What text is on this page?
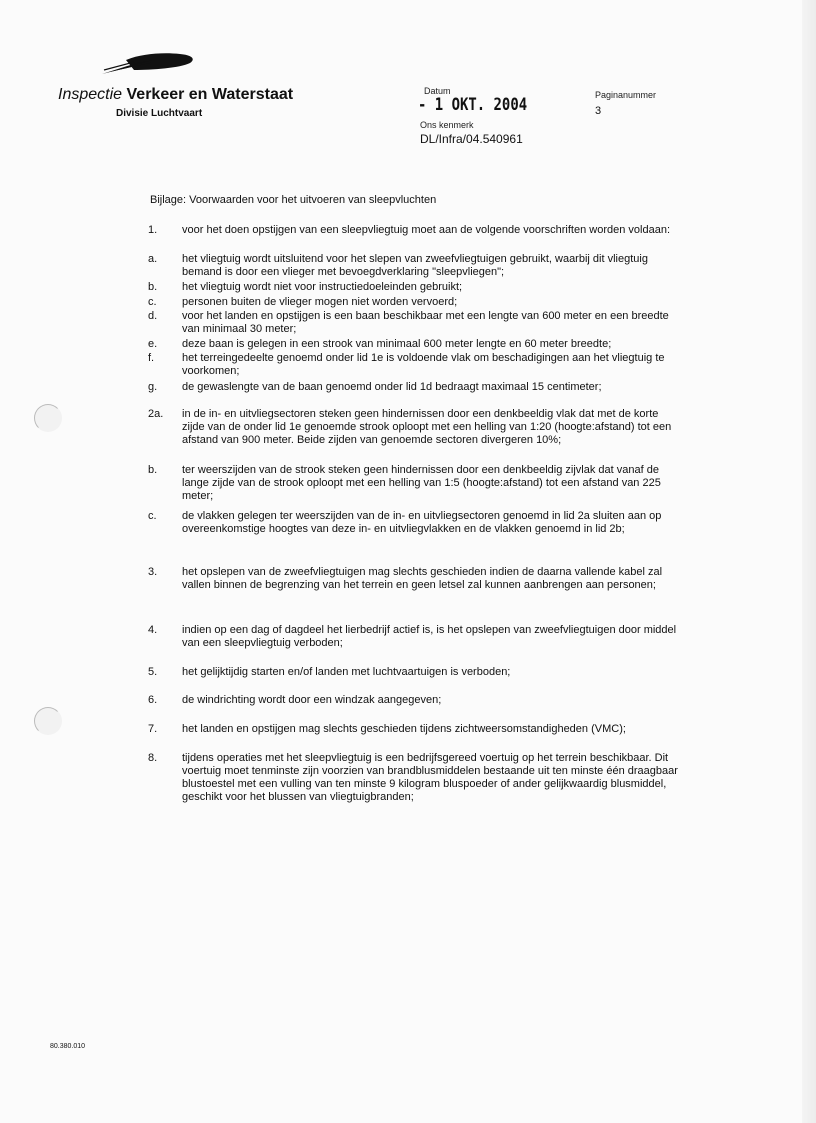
Inspectie Verkeer en Waterstaat
Divisie Luchtvaart
Datum
- 1 OKT. 2004
Ons kenmerk
DL/Infra/04.540961
Paginanummer
3
Bijlage: Voorwaarden voor het uitvoeren van sleepvluchten
1. voor het doen opstijgen van een sleepvliegtuig moet aan de volgende voorschriften worden voldaan:
a. het vliegtuig wordt uitsluitend voor het slepen van zweefvliegtuigen gebruikt, waarbij dit vliegtuig bemand is door een vlieger met bevoegdverklaring "sleepvliegen";
b. het vliegtuig wordt niet voor instructiedoeleinden gebruikt;
c. personen buiten de vlieger mogen niet worden vervoerd;
d. voor het landen en opstijgen is een baan beschikbaar met een lengte van 600 meter en een breedte van minimaal 30 meter;
e. deze baan is gelegen in een strook van minimaal 600 meter lengte en 60 meter breedte;
f.	het terreingedeelte genoemd onder lid 1e is voldoende vlak om beschadigingen aan het vliegtuig te voorkomen;
g. de gewaslengte van de baan genoemd onder lid 1d bedraagt maximaal 15 centimeter;
2a. in de in- en uitvliegsectoren steken geen hindernissen door een denkbeeldig vlak dat met de korte zijde van de onder lid 1e genoemde strook oploopt met een helling van 1:20 (hoogte:afstand) tot een afstand van 900 meter. Beide zijden van genoemde sectoren divergeren 10%;
b. ter weerszijden van de strook steken geen hindernissen door een denkbeeldig zijvlak dat vanaf de lange zijde van de strook oploopt met een helling van 1:5 (hoogte:afstand) tot een afstand van 225 meter;
c. de vlakken gelegen ter weerszijden van de in- en uitvliegsectoren genoemd in lid 2a sluiten aan op overeenkomstige hoogtes van deze in- en uitvliegvlakken en de vlakken genoemd in lid 2b;
3. het opslepen van de zweefvliegtuigen mag slechts geschieden indien de daarna vallende kabel zal vallen binnen de begrenzing van het terrein en geen letsel zal kunnen aanbrengen aan personen;
4. indien op een dag of dagdeel het lierbedrijf actief is, is het opslepen van zweefvliegtuigen door middel van een sleepvliegtuig verboden;
5. het gelijktijdig starten en/of landen met luchtvaartuigen is verboden;
6. de windrichting wordt door een windzak aangegeven;
7. het landen en opstijgen mag slechts geschieden tijdens zichtweersomstandigheden (VMC);
8. tijdens operaties met het sleepvliegtuig is een bedrijfsgereed voertuig op het terrein beschikbaar. Dit voertuig moet tenminste zijn voorzien van brandblusmiddelen bestaande uit ten minste één draagbaar blustoestel met een vulling van ten minste 9 kilogram bluspoeder of ander gelijkwaardig blusmiddel, geschikt voor het blussen van vliegtuigbranden;
80.380.010
